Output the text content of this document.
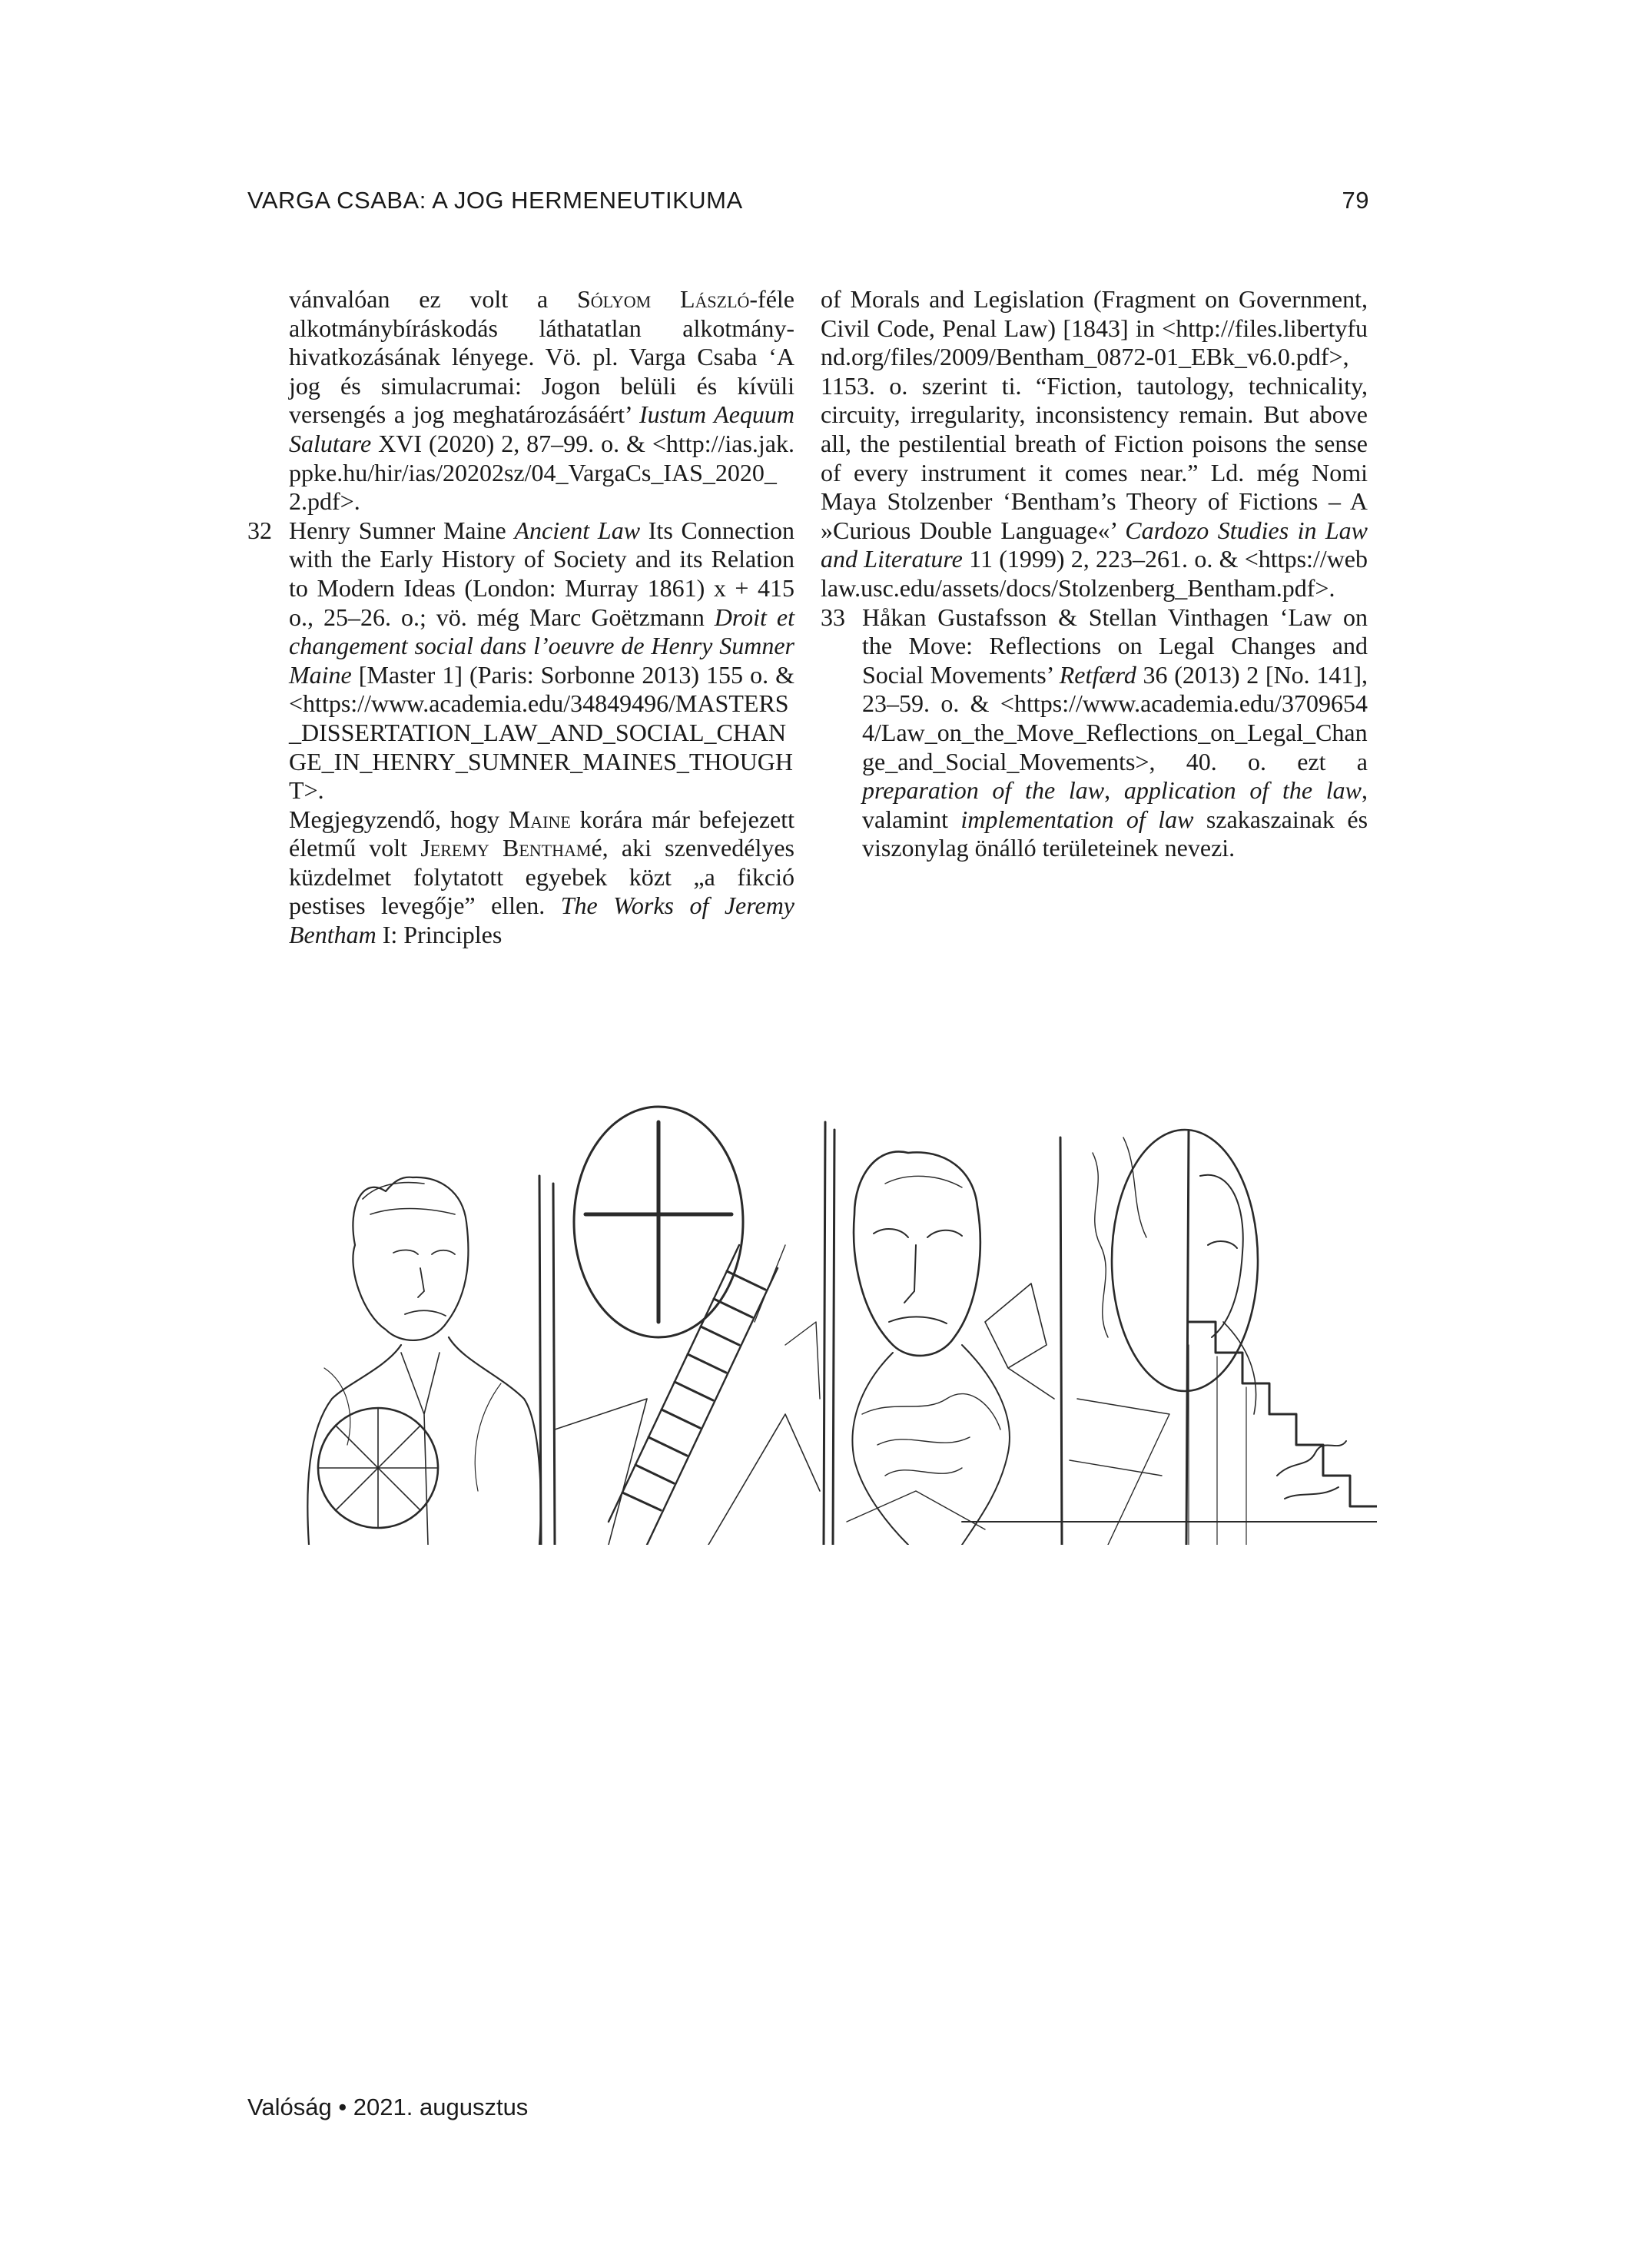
VARGA CSABA: A JOG HERMENEUTIKUMA	79

vánvalóan ez volt a Sólyom László-féle alkotmánybíráskodás láthatatlan alkotmányhivatkozásának lényege. Vö. pl. Varga Csaba ‘A jog és simulacrumai: Jogon belüli és kívüli versengés a jog meghatározásáért’ Iustum Aequum Salutare XVI (2020) 2, 87–99. o. & <http://ias.jak.ppke.hu/hir/ias/20202sz/04_VargaCs_IAS_2020_2.pdf>.

32 Henry Sumner Maine Ancient Law Its Connection with the Early History of Society and its Relation to Modern Ideas (London: Murray 1861) x + 415 o., 25–26. o.; vö. még Marc Goëtzmann Droit et changement social dans l’oeuvre de Henry Sumner Maine [Master 1] (Paris: Sorbonne 2013) 155 o. & <https://www.academia.edu/34849496/MASTERS_DISSERTATION_LAW_AND_SOCIAL_CHANGE_IN_HENRY_SUMNER_MAINES_THOUGHT>.

Megjegyzendő, hogy Maine korára már befejezett életmű volt Jeremy Benthamé, aki szenvedélyes küzdelmet folytatott egyebek közt „a fikció pestises levegője” ellen. The Works of Jeremy Bentham I: Principles

of Morals and Legislation (Fragment on Government, Civil Code, Penal Law) [1843] in <http://files.libertyfund.org/files/2009/Bentham_0872-01_EBk_v6.0.pdf>, 1153. o. szerint ti. “Fiction, tautology, technicality, circuity, irregularity, inconsistency remain. But above all, the pestilential breath of Fiction poisons the sense of every instrument it comes near.” Ld. még Nomi Maya Stolzenber ‘Bentham’s Theory of Fictions – A »Curious Double Language«’ Cardozo Studies in Law and Literature 11 (1999) 2, 223–261. o. & <https://weblaw.usc.edu/assets/docs/Stolzenberg_Bentham.pdf>.

33 Håkan Gustafsson & Stellan Vinthagen ‘Law on the Move: Reflections on Legal Changes and Social Movements’ Retfærd 36 (2013) 2 [No. 141], 23–59. o. & <https://www.academia.edu/37096544/Law_on_the_Move_Reflections_on_Legal_Change_and_Social_Movements>, 40. o. ezt a preparation of the law, application of the law, valamint implementation of law szakaszainak és viszonylag önálló területeinek nevezi.

Valóság • 2021. augusztus
